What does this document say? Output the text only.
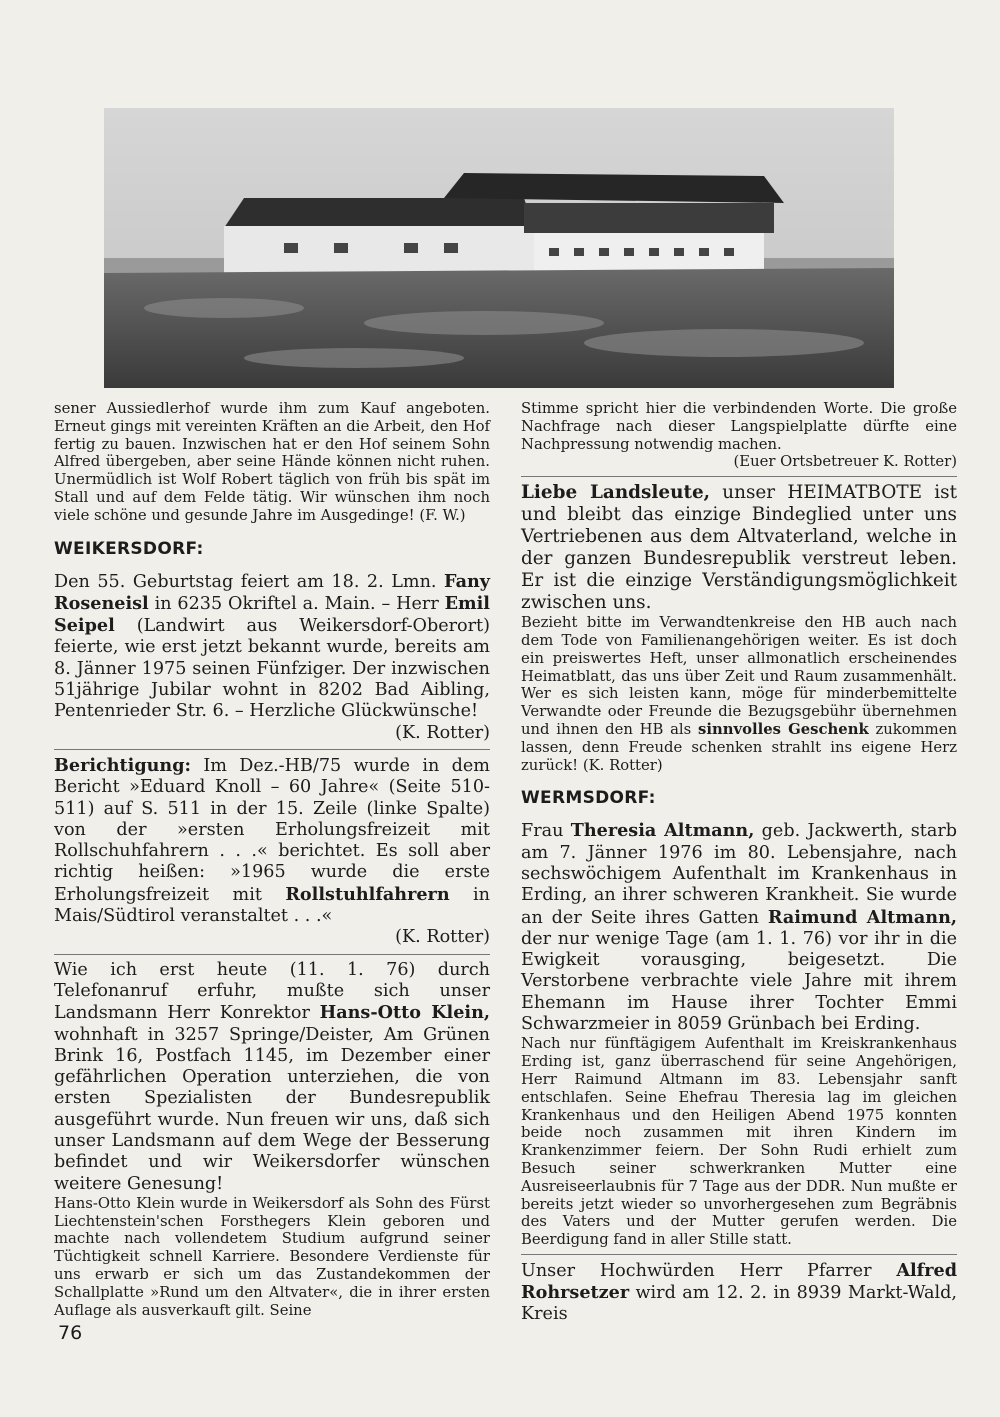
sener Aussiedlerhof wurde ihm zum Kauf angeboten. Erneut gings mit vereinten Kräften an die Arbeit, den Hof fertig zu bauen. Inzwischen hat er den Hof seinem Sohn Alfred übergeben, aber seine Hände können nicht ruhen. Unermüdlich ist Wolf Robert täglich von früh bis spät im Stall und auf dem Felde tätig. Wir wünschen ihm noch viele schöne und gesunde Jahre im Ausgedinge! (F. W.)

WEIKERSDORF:

Den 55. Geburtstag feiert am 18. 2. Lmn. Fany Roseneisl in 6235 Okriftel a. Main. – Herr Emil Seipel (Landwirt aus Weikersdorf-Oberort) feierte, wie erst jetzt bekannt wurde, bereits am 8. Jänner 1975 seinen Fünfziger. Der inzwischen 51jährige Jubilar wohnt in 8202 Bad Aibling, Pentenrieder Str. 6. – Herzliche Glückwünsche!

(K. Rotter)

Berichtigung: Im Dez.-HB/75 wurde in dem Bericht »Eduard Knoll – 60 Jahre« (Seite 510-511) auf S. 511 in der 15. Zeile (linke Spalte) von der »ersten Erholungsfreizeit mit Rollschuhfahrern . . .« berichtet. Es soll aber richtig heißen: »1965 wurde die erste Erholungsfreizeit mit Rollstuhlfahrern in Mais/Südtirol veranstaltet . . .«

(K. Rotter)

Wie ich erst heute (11. 1. 76) durch Telefonanruf erfuhr, mußte sich unser Landsmann Herr Konrektor Hans-Otto Klein, wohnhaft in 3257 Springe/Deister, Am Grünen Brink 16, Postfach 1145, im Dezember einer gefährlichen Operation unterziehen, die von ersten Spezialisten der Bundesrepublik ausgeführt wurde. Nun freuen wir uns, daß sich unser Landsmann auf dem Wege der Besserung befindet und wir Weikersdorfer wünschen weitere Genesung!

Hans-Otto Klein wurde in Weikersdorf als Sohn des Fürst Liechtenstein'schen Forsthegers Klein geboren und machte nach vollendetem Studium aufgrund seiner Tüchtigkeit schnell Karriere. Besondere Verdienste für uns erwarb er sich um das Zustandekommen der Schallplatte »Rund um den Altvater«, die in ihrer ersten Auflage als ausverkauft gilt. Seine

Stimme spricht hier die verbindenden Worte. Die große Nachfrage nach dieser Langspielplatte dürfte eine Nachpressung notwendig machen.

(Euer Ortsbetreuer K. Rotter)

Liebe Landsleute, unser HEIMATBOTE ist und bleibt das einzige Bindeglied unter uns Vertriebenen aus dem Altvaterland, welche in der ganzen Bundesrepublik verstreut leben. Er ist die einzige Verständigungsmöglichkeit zwischen uns.

Bezieht bitte im Verwandtenkreise den HB auch nach dem Tode von Familienangehörigen weiter. Es ist doch ein preiswertes Heft, unser allmonatlich erscheinendes Heimatblatt, das uns über Zeit und Raum zusammenhält. Wer es sich leisten kann, möge für minderbemittelte Verwandte oder Freunde die Bezugsgebühr übernehmen und ihnen den HB als sinnvolles Geschenk zukommen lassen, denn Freude schenken strahlt ins eigene Herz zurück! (K. Rotter)

WERMSDORF:

Frau Theresia Altmann, geb. Jackwerth, starb am 7. Jänner 1976 im 80. Lebensjahre, nach sechswöchigem Aufenthalt im Krankenhaus in Erding, an ihrer schweren Krankheit. Sie wurde an der Seite ihres Gatten Raimund Altmann, der nur wenige Tage (am 1. 1. 76) vor ihr in die Ewigkeit vorausging, beigesetzt. Die Verstorbene verbrachte viele Jahre mit ihrem Ehemann im Hause ihrer Tochter Emmi Schwarzmeier in 8059 Grünbach bei Erding.

Nach nur fünftägigem Aufenthalt im Kreiskrankenhaus Erding ist, ganz überraschend für seine Angehörigen, Herr Raimund Altmann im 83. Lebensjahr sanft entschlafen. Seine Ehefrau Theresia lag im gleichen Krankenhaus und den Heiligen Abend 1975 konnten beide noch zusammen mit ihren Kindern im Krankenzimmer feiern. Der Sohn Rudi erhielt zum Besuch seiner schwerkranken Mutter eine Ausreiseerlaubnis für 7 Tage aus der DDR. Nun mußte er bereits jetzt wieder so unvorhergesehen zum Begräbnis des Vaters und der Mutter gerufen werden. Die Beerdigung fand in aller Stille statt.

Unser Hochwürden Herr Pfarrer Alfred Rohrsetzer wird am 12. 2. in 8939 Markt-Wald, Kreis

76
